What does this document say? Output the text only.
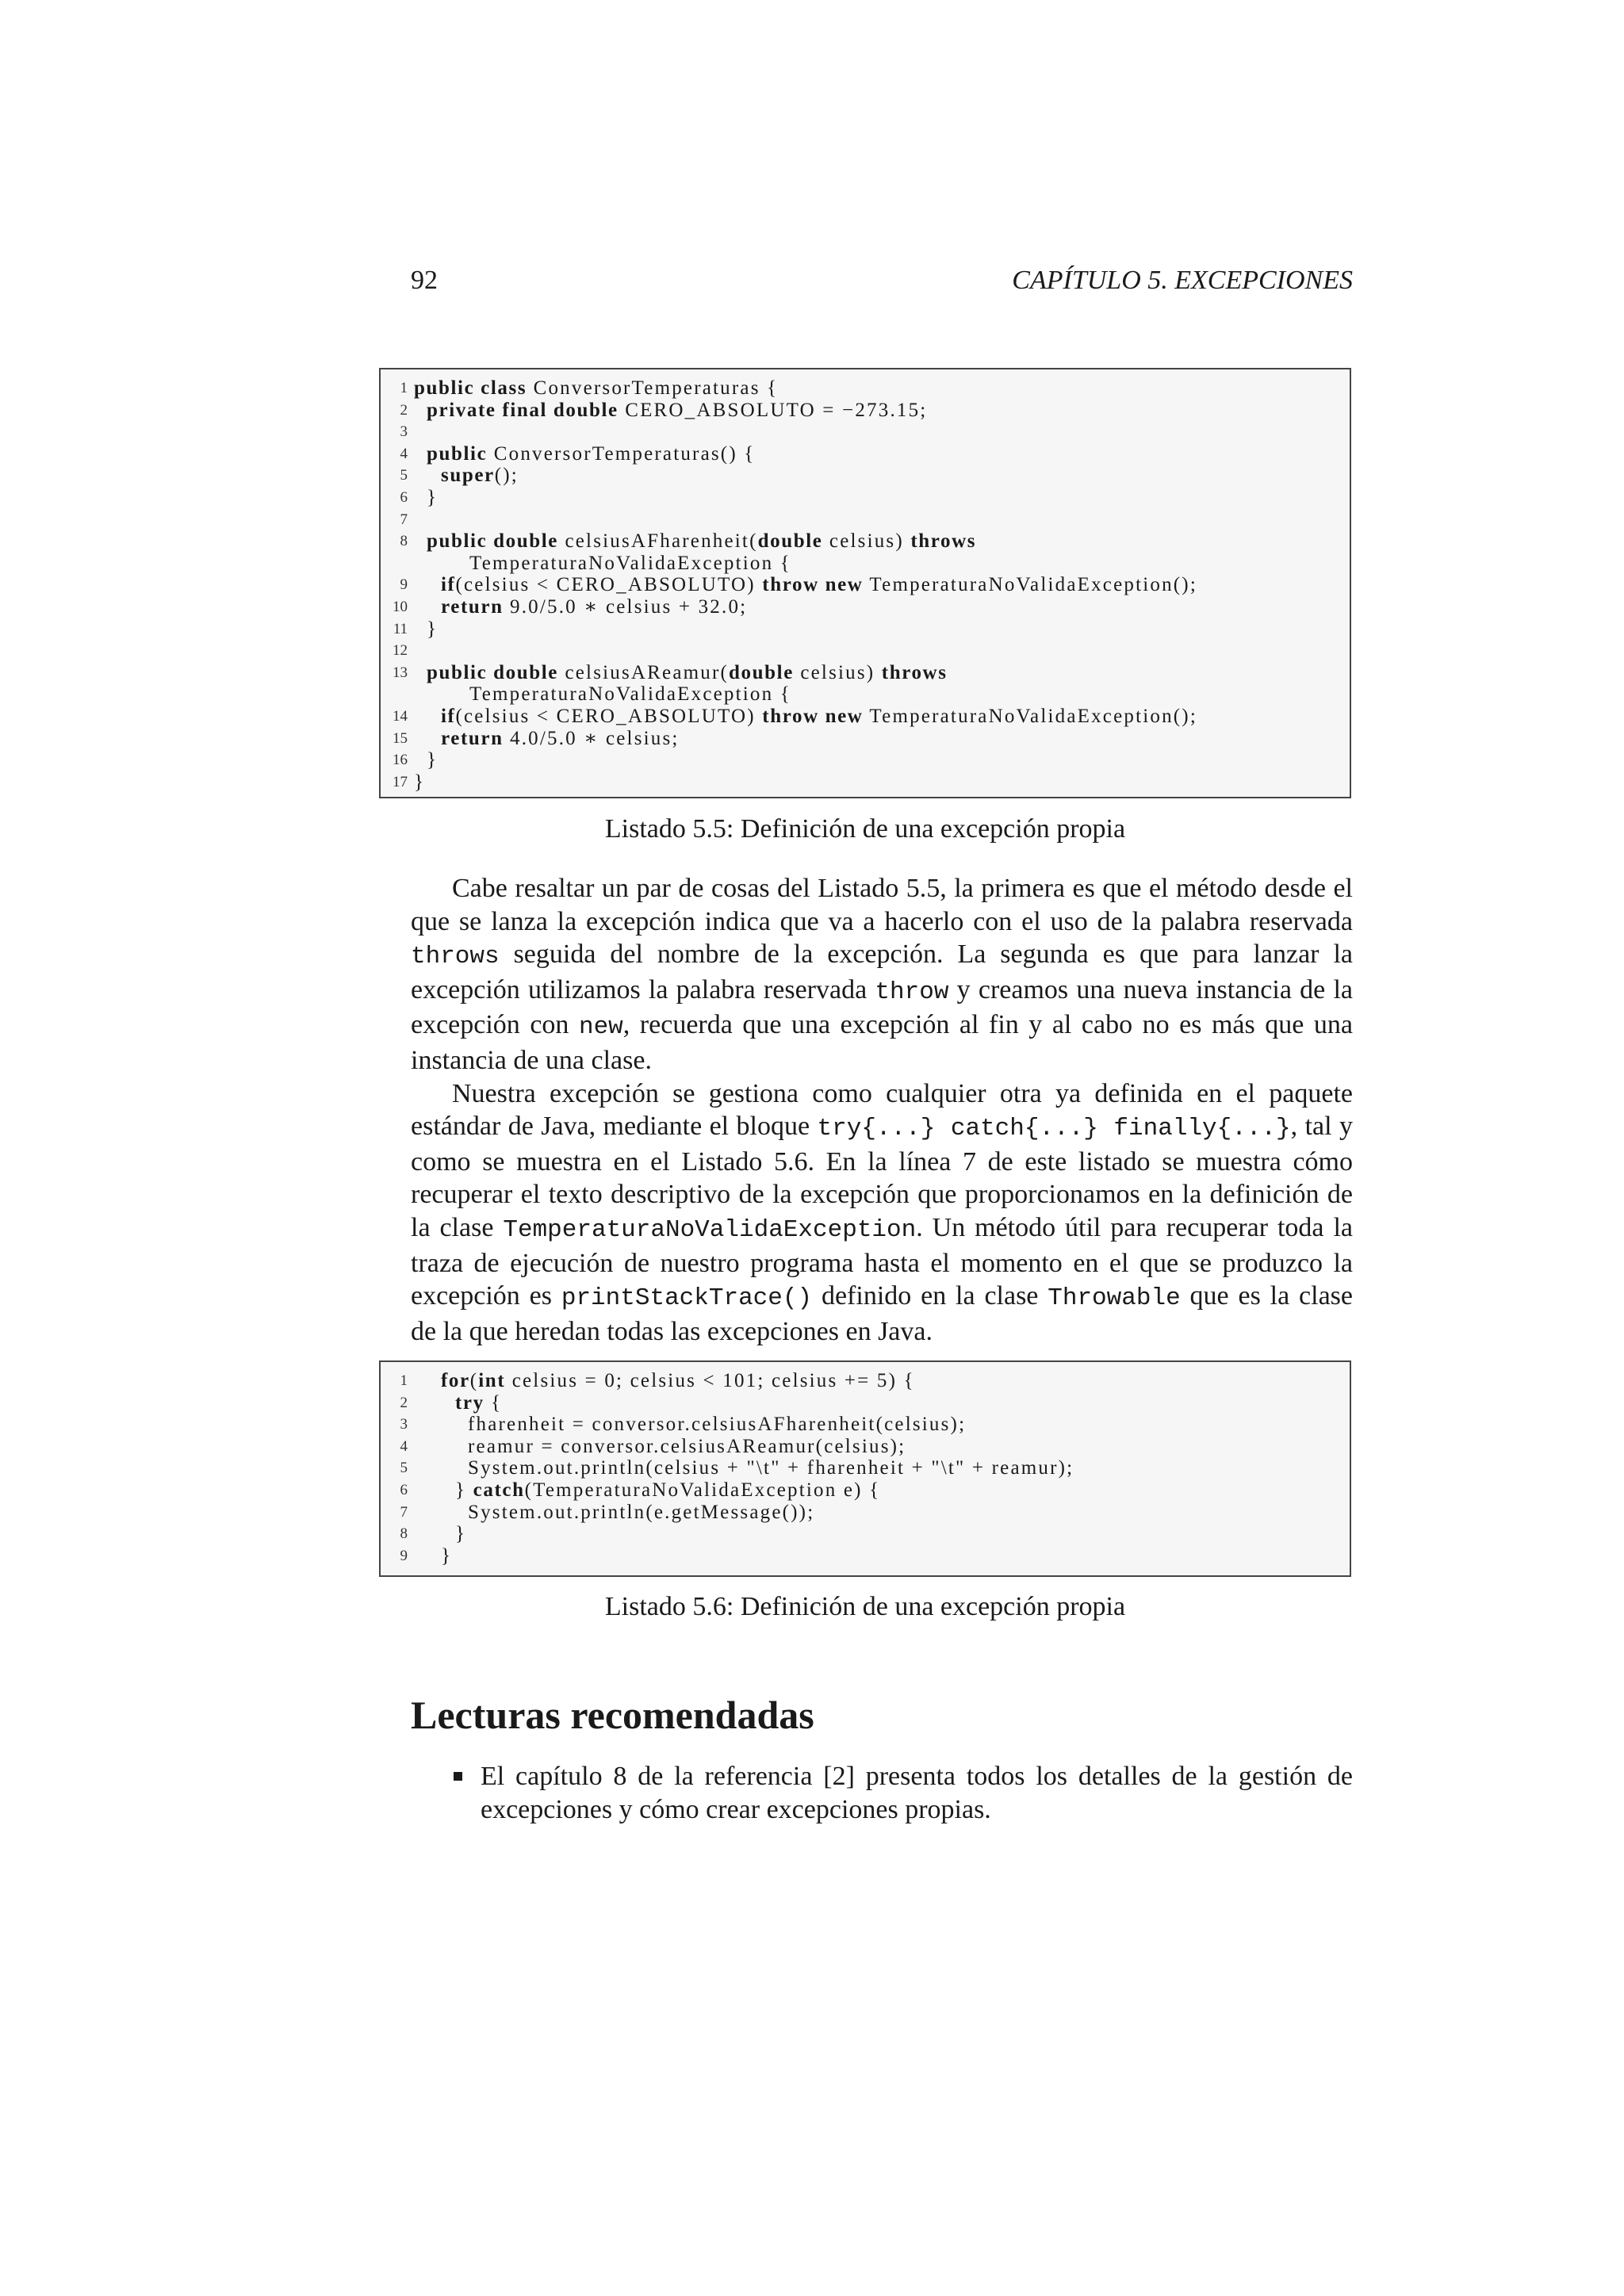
92	CAPÍTULO 5. EXCEPCIONES
1 public class ConversorTemperaturas {
2 private final double CERO_ABSOLUTO = −273.15;
3
4 public ConversorTemperaturas() {
5	super();
6 }
7
8 public double celsiusAFharenheit(double celsius) throws
TemperaturaNoValidaException {
9	if(celsius < CERO_ABSOLUTO) throw new TemperaturaNoValidaException();
10	return 9.0/5.0 ∗ celsius + 32.0;
11 }
12
13 public double celsiusAReamur(double celsius) throws
TemperaturaNoValidaException {
14	if(celsius < CERO_ABSOLUTO) throw new TemperaturaNoValidaException();
15	return 4.0/5.0 ∗ celsius;
16 }
17 }
Listado 5.5: Definición de una excepción propia

Cabe resaltar un par de cosas del Listado 5.5, la primera es que el método desde el que se lanza la excepción indica que va a hacerlo con el uso de la palabra reservada throws seguida del nombre de la excepción. La segunda es que para lanzar la excepción utilizamos la palabra reservada throw y creamos una nueva instancia de la excepción con new, recuerda que una excepción al fin y al cabo no es más que una instancia de una clase.

Nuestra excepción se gestiona como cualquier otra ya definida en el paquete estándar de Java, mediante el bloque try{...} catch{...} finally{...}, tal y como se muestra en el Listado 5.6. En la línea 7 de este listado se muestra cómo recuperar el texto descriptivo de la excepción que proporcionamos en la definición de la clase TemperaturaNoValidaException. Un método útil para recuperar toda la traza de ejecución de nuestro programa hasta el momento en el que se produzco la excepción es printStackTrace() definido en la clase Throwable que es la clase de la que heredan todas las excepciones en Java.

1	for(int celsius = 0; celsius < 101; celsius += 5) {
2	try {
3	fharenheit = conversor.celsiusAFharenheit(celsius);
4	reamur = conversor.celsiusAReamur(celsius);
5	System.out.println(celsius + "\t" + fharenheit + "\t" + reamur);
6	} catch(TemperaturaNoValidaException e) {
7	System.out.println(e.getMessage());
8	}
9	}
Listado 5.6: Definición de una excepción propia
Lecturas recomendadas
El capítulo 8 de la referencia [2] presenta todos los detalles de la gestión de excepciones y cómo crear excepciones propias.
